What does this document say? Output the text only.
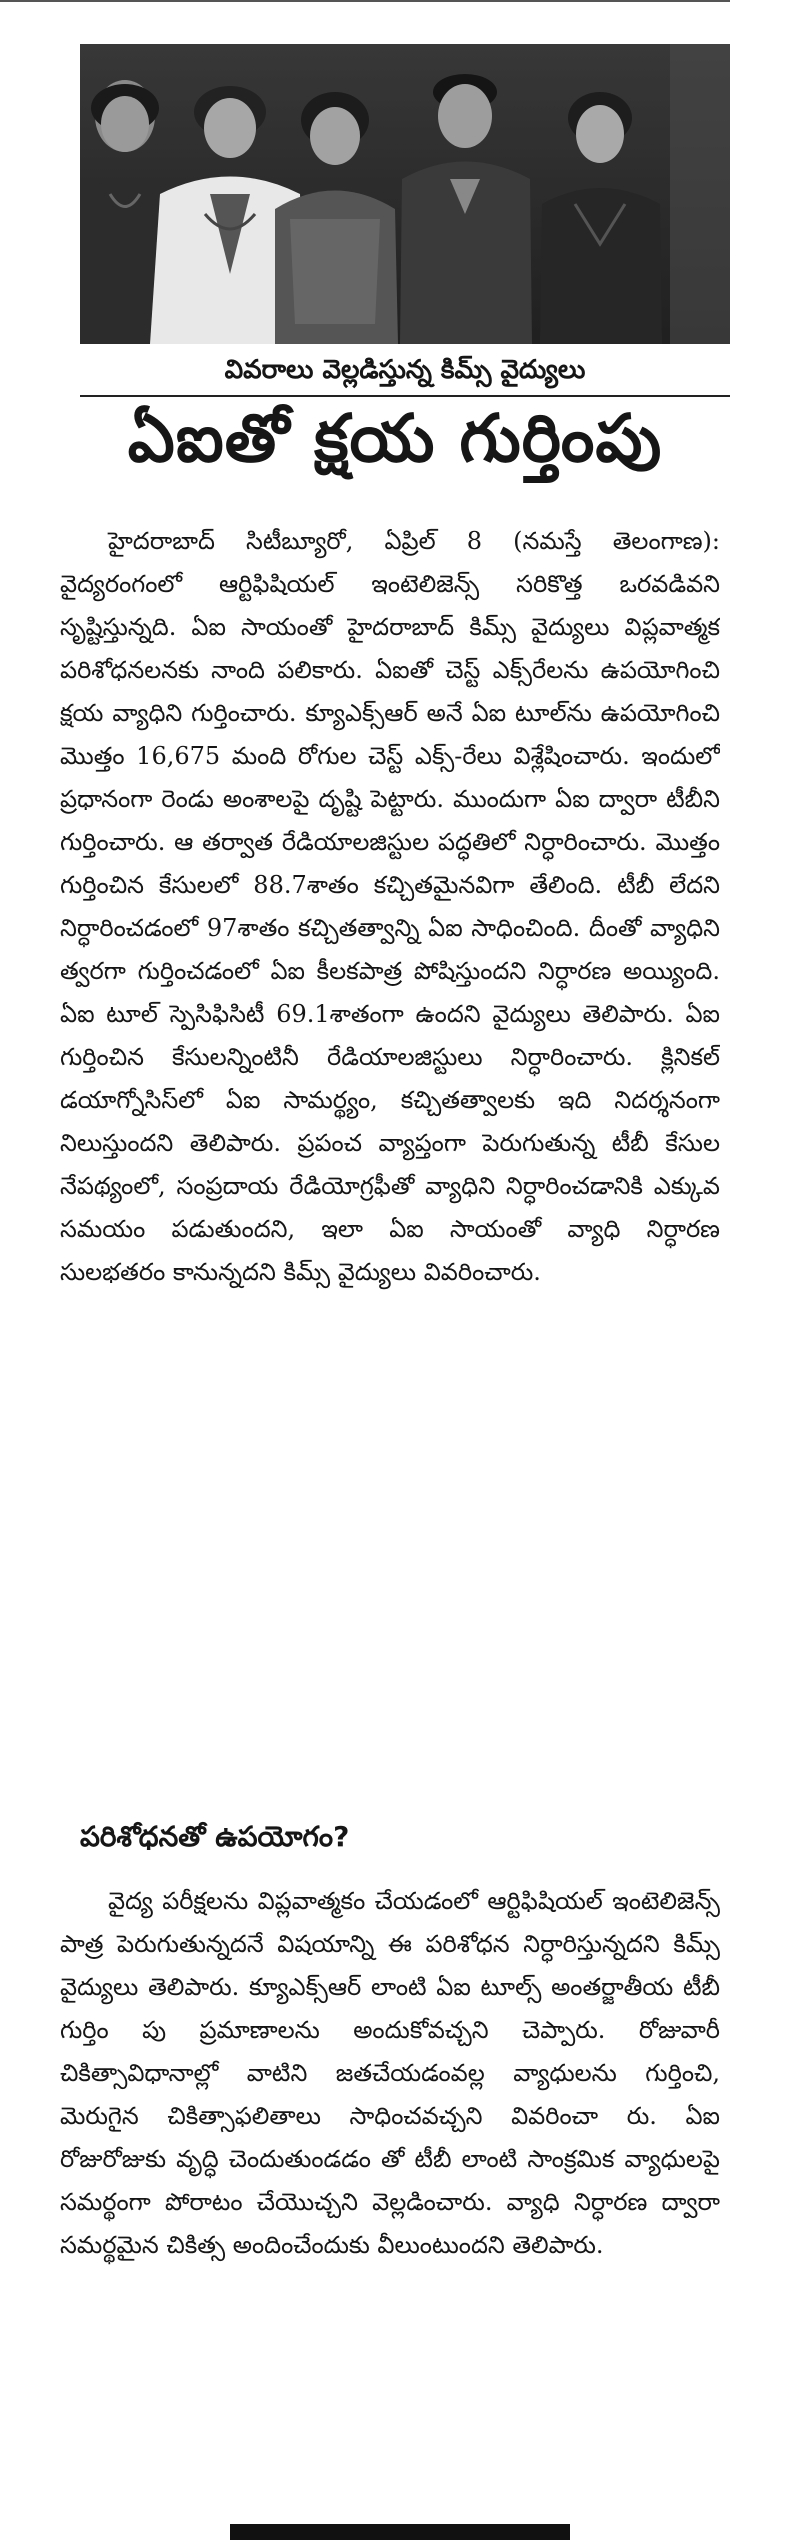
వివరాలు వెల్లడిస్తున్న కిమ్స్ వైద్యులు
ఏఐతో క్షయ గుర్తింపు
హైదరాబాద్ సిటీబ్యూరో, ఏప్రిల్ 8 (నమస్తే తెలంగాణ): వైద్యరంగంలో ఆర్టిఫిషియల్ ఇంటెలిజెన్స్ సరికొత్త ఒరవడివని సృష్టిస్తున్నది. ఏఐ సాయంతో హైదరాబాద్ కిమ్స్ వైద్యులు విప్లవాత్మక పరిశోధనలనకు నాంది పలికారు. ఏఐతో చెస్ట్ ఎక్స్‌రేలను ఉపయోగించి క్షయ వ్యాధిని గుర్తించారు. క్యూఎక్స్ఆర్ అనే ఏఐ టూల్‌ను ఉపయోగించి మొత్తం 16,675 మంది రోగుల చెస్ట్ ఎక్స్-రేలు విశ్లేషించారు. ఇందులో ప్రధానంగా రెండు అంశాలపై దృష్టి పెట్టారు. ముందుగా ఏఐ ద్వారా టీబీని గుర్తించారు. ఆ తర్వాత రేడియాలజిస్టుల పద్ధతిలో నిర్ధారించారు. మొత్తం గుర్తించిన కేసులలో 88.7శాతం కచ్చితమైనవిగా తేలింది. టీబీ లేదని నిర్ధారించడంలో 97శాతం కచ్చితత్వాన్ని ఏఐ సాధించింది. దీంతో వ్యాధిని త్వరగా గుర్తించడంలో ఏఐ కీలకపాత్ర పోషిస్తుందని నిర్ధారణ అయ్యింది. ఏఐ టూల్ స్పెసిఫిసిటీ 69.1శాతంగా ఉందని వైద్యులు తెలిపారు. ఏఐ గుర్తించిన కేసులన్నింటినీ రేడియాలజిస్టులు నిర్ధారించారు. క్లినికల్ డయాగ్నోసిస్‌లో ఏఐ సామర్థ్యం, కచ్చితత్వాలకు ఇది నిదర్శనంగా నిలుస్తుందని తెలిపారు. ప్రపంచ వ్యాప్తంగా పెరుగుతున్న టీబీ కేసుల నేపథ్యంలో, సంప్రదాయ రేడియోగ్రఫీతో వ్యాధిని నిర్ధారించడానికి ఎక్కువ సమయం పడుతుందని, ఇలా ఏఐ సాయంతో వ్యాధి నిర్ధారణ సులభతరం కానున్నదని కిమ్స్ వైద్యులు వివరించారు.
పరిశోధనతో ఉపయోగం?
వైద్య పరీక్షలను విప్లవాత్మకం చేయడంలో ఆర్టిఫిషియల్ ఇంటెలిజెన్స్ పాత్ర పెరుగుతున్నదనే విషయాన్ని ఈ పరిశోధన నిర్ధారిస్తున్నదని కిమ్స్ వైద్యులు తెలిపారు. క్యూఎక్స్ఆర్ లాంటి ఏఐ టూల్స్ అంతర్జాతీయ టీబీ గుర్తిం పు ప్రమాణాలను అందుకోవచ్చని చెప్పారు. రోజువారీ చికిత్సావిధానాల్లో వాటిని జతచేయడంవల్ల వ్యాధులను గుర్తించి, మెరుగైన చికిత్సాఫలితాలు సాధించవచ్చని వివరించా రు. ఏఐ రోజురోజుకు వృద్ధి చెందుతుండడం తో టీబీ లాంటి సాంక్రమిక వ్యాధులపై సమర్థంగా పోరాటం చేయొచ్చని వెల్లడించారు. వ్యాధి నిర్ధారణ ద్వారా సమర్థమైన చికిత్స అందించేందుకు వీలుంటుందని తెలిపారు.
